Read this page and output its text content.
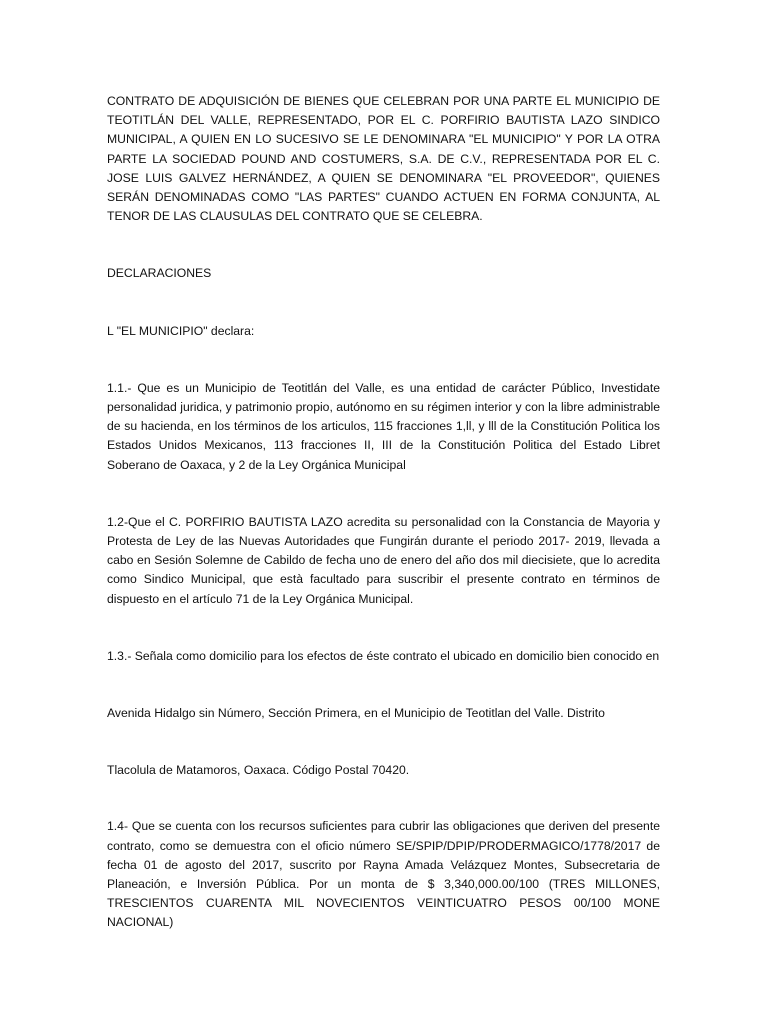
CONTRATO DE ADQUISICIÓN DE BIENES QUE CELEBRAN POR UNA PARTE EL MUNICIPIO DE TEOTITLÁN DEL VALLE, REPRESENTADO, POR EL C. PORFIRIO BAUTISTA LAZO SINDICO MUNICIPAL, A QUIEN EN LO SUCESIVO SE LE DENOMINARA "EL MUNICIPIO" Y POR LA OTRA PARTE LA SOCIEDAD POUND AND COSTUMERS, S.A. DE C.V., REPRESENTADA POR EL C. JOSE LUIS GALVEZ HERNÁNDEZ, A QUIEN SE DENOMINARA "EL PROVEEDOR", QUIENES SERÁN DENOMINADAS COMO "LAS PARTES" CUANDO ACTUEN EN FORMA CONJUNTA, AL TENOR DE LAS CLAUSULAS DEL CONTRATO QUE SE CELEBRA.

DECLARACIONES

L "EL MUNICIPIO" declara:

1.1.- Que es un Municipio de Teotitlán del Valle, es una entidad de carácter Público, Investidate personalidad juridica, y patrimonio propio, autónomo en su régimen interior y con la libre administrable de su hacienda, en los términos de los articulos, 115 fracciones 1,ll, y lll de la Constitución Politica los Estados Unidos Mexicanos, 113 fracciones II, III de la Constitución Politica del Estado Libret Soberano de Oaxaca, y 2 de la Ley Orgánica Municipal

1.2-Que el C. PORFIRIO BAUTISTA LAZO acredita su personalidad con la Constancia de Mayoria y Protesta de Ley de las Nuevas Autoridades que Fungirán durante el periodo 2017- 2019, llevada a cabo en Sesión Solemne de Cabildo de fecha uno de enero del año dos mil diecisiete, que lo acredita como Sindico Municipal, que està facultado para suscribir el presente contrato en términos de dispuesto en el artículo 71 de la Ley Orgánica Municipal.

1.3.- Señala como domicilio para los efectos de éste contrato el ubicado en domicilio bien conocido en

Avenida Hidalgo sin Número, Sección Primera, en el Municipio de Teotitlan del Valle. Distrito

Tlacolula de Matamoros, Oaxaca. Código Postal 70420.

1.4- Que se cuenta con los recursos suficientes para cubrir las obligaciones que deriven del presente contrato, como se demuestra con el oficio número SE/SPIP/DPIP/PRODERMAGICO/1778/2017 de fecha 01 de agosto del 2017, suscrito por Rayna Amada Velázquez Montes, Subsecretaria de Planeación, e Inversión Pública. Por un monta de $ 3,340,000.00/100 (TRES MILLONES, TRESCIENTOS CUARENTA MIL NOVECIENTOS VEINTICUATRO PESOS 00/100 MONE NACIONAL)
